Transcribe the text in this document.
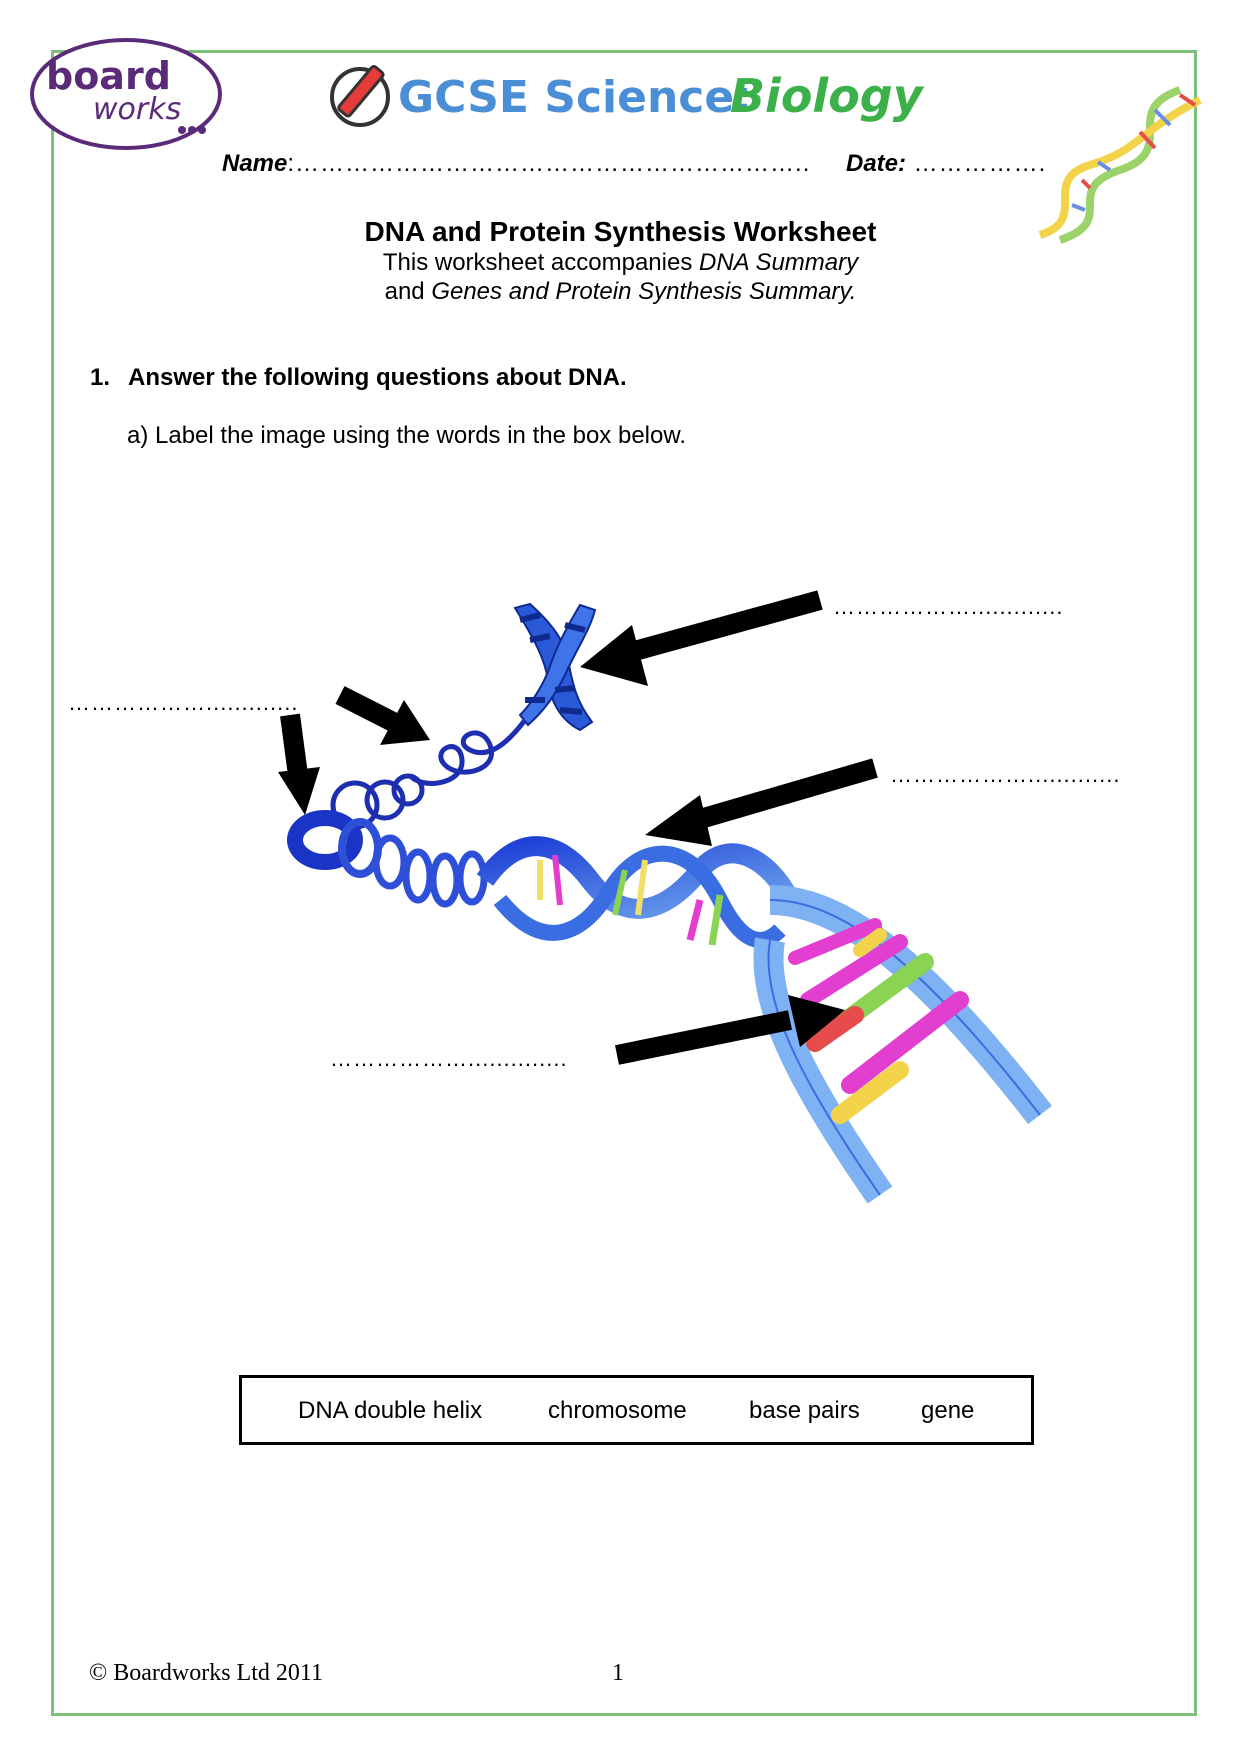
board
works	GCSE Science:
Biology
Name:…………………………………………………….. Date: …………….
DNA and Protein Synthesis Worksheet
This worksheet accompanies DNA Summary
and Genes and Protein Synthesis Summary.
1. Answer the following questions about DNA.
a) Label the image using the words in the box below.
……………….............
……………….............
……………….............
………………..............
DNA double helix	chromosome	base pairs	gene
© Boardworks Ltd 2011	1
